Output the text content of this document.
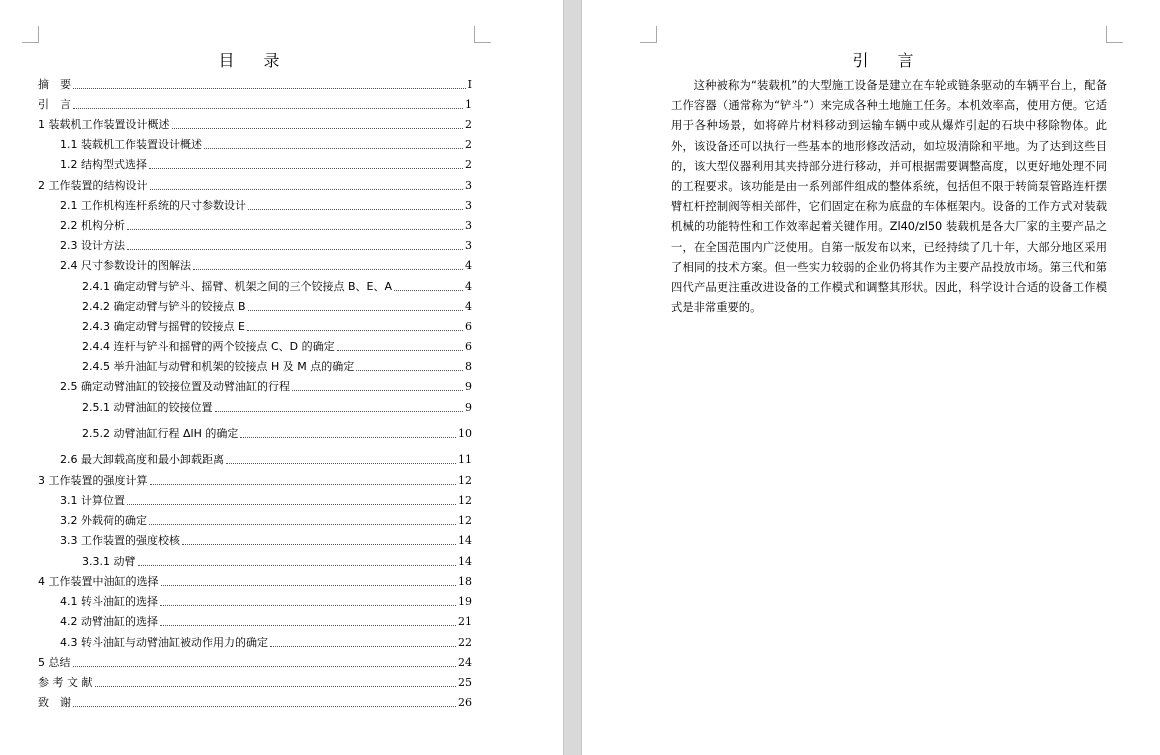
目 录
摘　要	I
引　言	1
1 装载机工作装置设计概述	2
1.1 装载机工作装置设计概述	2
1.2 结构型式选择	2
2 工作装置的结构设计	3
2.1 工作机构连杆系统的尺寸参数设计	3
2.2 机构分析	3
2.3 设计方法	3
2.4 尺寸参数设计的图解法	4
2.4.1 确定动臂与铲斗、摇臂、机架之间的三个铰接点 B、E、A	4
2.4.2 确定动臂与铲斗的铰接点 B	4
2.4.3 确定动臂与摇臂的铰接点 E	6
2.4.4 连杆与铲斗和摇臂的两个铰接点 C、D 的确定	6
2.4.5 举升油缸与动臂和机架的铰接点 H 及 M 点的确定	8
2.5 确定动臂油缸的铰接位置及动臂油缸的行程	9
2.5.1 动臂油缸的铰接位置	9
2.5.2 动臂油缸行程 ΔlH 的确定	10
2.6 最大卸载高度和最小卸载距离	11
3 工作装置的强度计算	12
3.1 计算位置	12
3.2 外载荷的确定	12
3.3 工作装置的强度校核	14
3.3.1 动臂	14
4 工作装置中油缸的选择	18
4.1 转斗油缸的选择	19
4.2 动臂油缸的选择	21
4.3 转斗油缸与动臂油缸被动作用力的确定	22
5 总结	24
参 考 文 献	25
致　谢	26
引 言

这种被称为“装载机”的大型施工设备是建立在车轮或链条驱动的车辆平台上，配备工作容器（通常称为“铲斗”）来完成各种土地施工任务。本机效率高，使用方便。它适用于各种场景，如将碎片材料移动到运输车辆中或从爆炸引起的石块中移除物体。此外，该设备还可以执行一些基本的地形修改活动，如垃圾清除和平地。为了达到这些目的，该大型仪器利用其夹持部分进行移动，并可根据需要调整高度，以更好地处理不同的工程要求。该功能是由一系列部件组成的整体系统，包括但不限于转筒泵管路连杆摆臂杠杆控制阀等相关部件，它们固定在称为底盘的车体框架内。设备的工作方式对装载机械的功能特性和工作效率起着关键作用。Zl40/zl50 装载机是各大厂家的主要产品之一，在全国范围内广泛使用。自第一版发布以来，已经持续了几十年，大部分地区采用了相同的技术方案。但一些实力较弱的企业仍将其作为主要产品投放市场。第三代和第四代产品更注重改进设备的工作模式和调整其形状。因此，科学设计合适的设备工作模式是非常重要的。
